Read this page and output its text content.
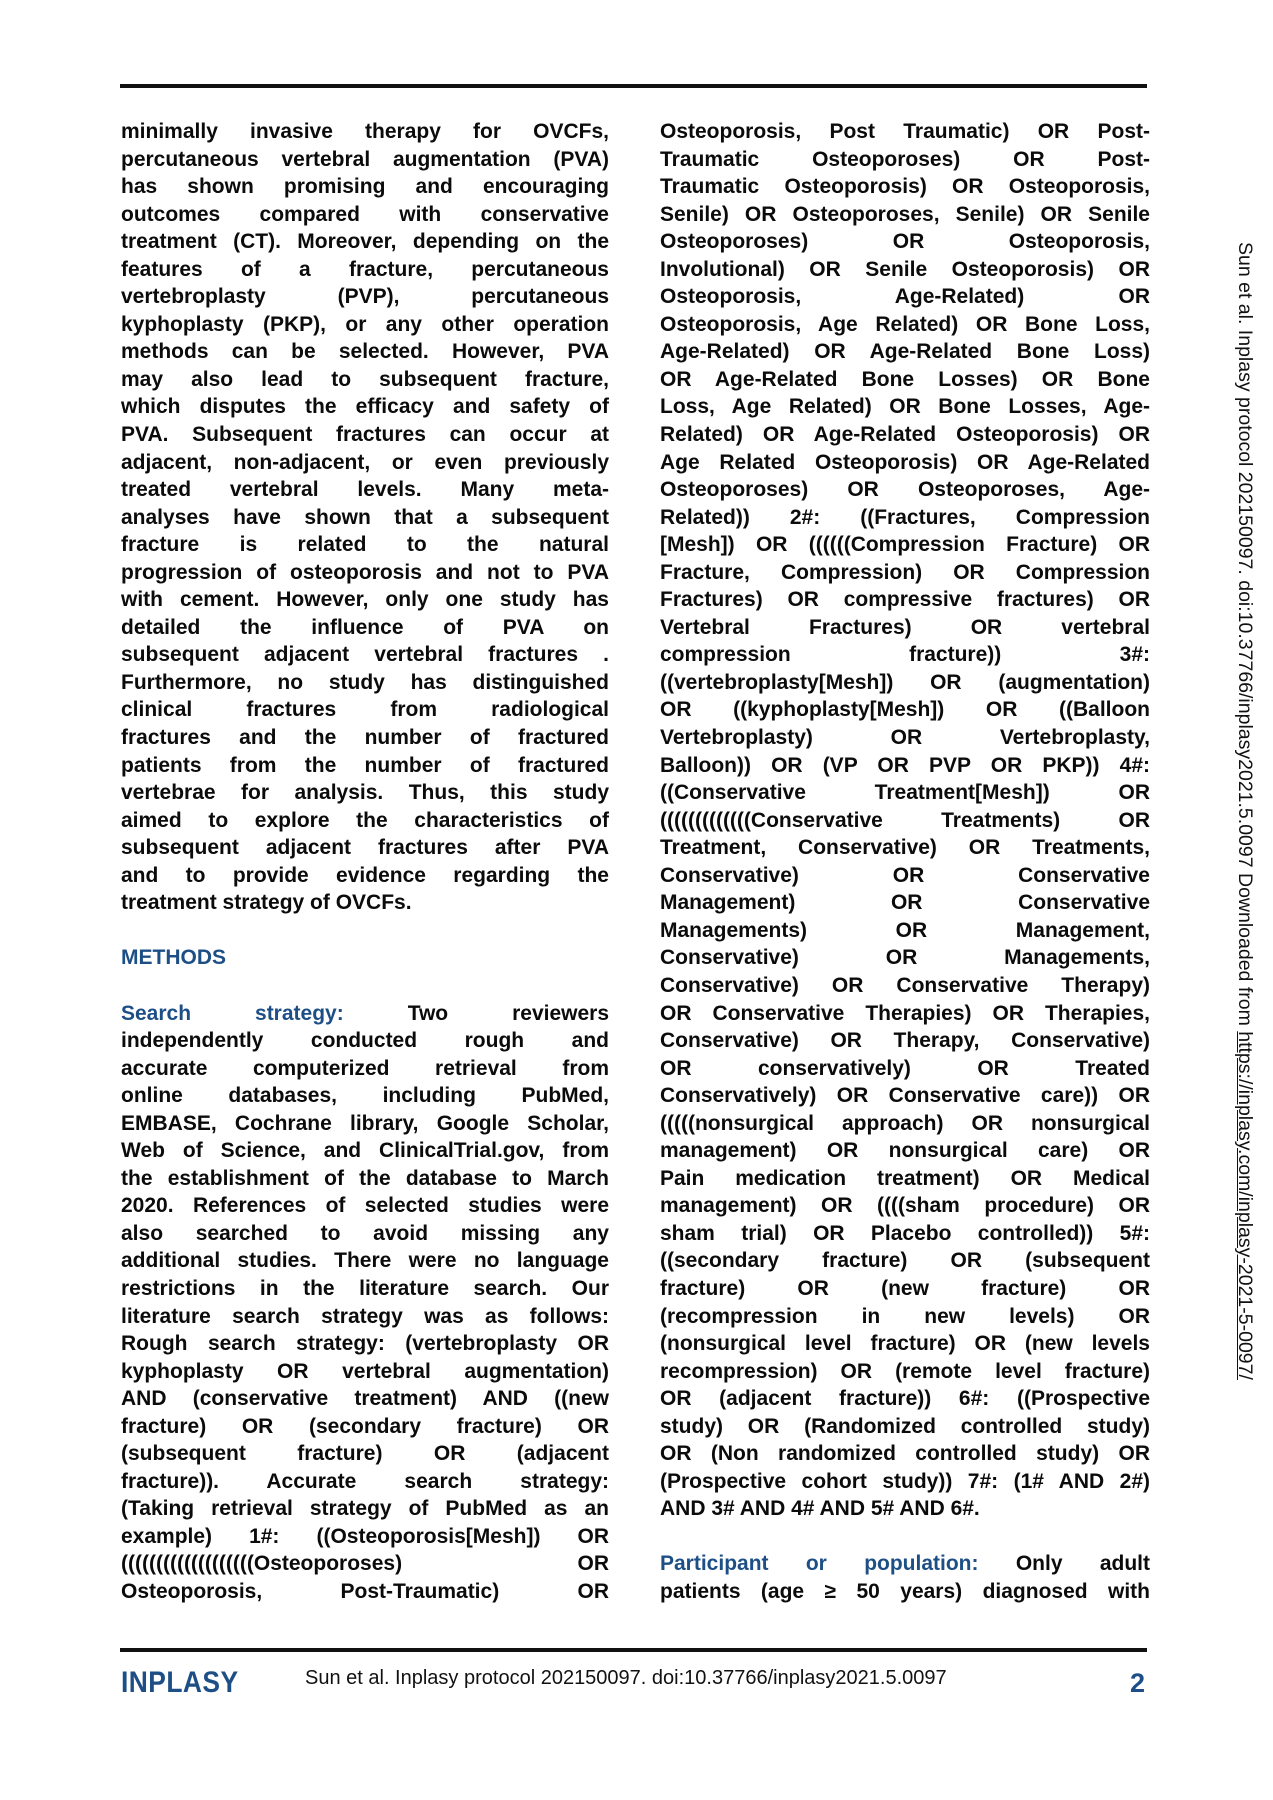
minimally invasive therapy for OVCFs,
percutaneous vertebral augmentation (PVA)
has shown promising and encouraging
outcomes compared with conservative
treatment (CT). Moreover, depending on the
features of a fracture, percutaneous
vertebroplasty (PVP), percutaneous
kyphoplasty (PKP), or any other operation
methods can be selected. However, PVA
may also lead to subsequent fracture,
which disputes the efficacy and safety of
PVA. Subsequent fractures can occur at
adjacent, non-adjacent, or even previously
treated vertebral levels. Many meta-
analyses have shown that a subsequent
fracture is related to the natural
progression of osteoporosis and not to PVA
with cement. However, only one study has
detailed the influence of PVA on
subsequent adjacent vertebral fractures .
Furthermore, no study has distinguished
clinical fractures from radiological
fractures and the number of fractured
patients from the number of fractured
vertebrae for analysis. Thus, this study
aimed to explore the characteristics of
subsequent adjacent fractures after PVA
and to provide evidence regarding the
treatment strategy of OVCFs.
METHODS
Search strategy: Two reviewers
independently conducted rough and
accurate computerized retrieval from
online databases, including PubMed,
EMBASE, Cochrane library, Google Scholar,
Web of Science, and ClinicalTrial.gov, from
the establishment of the database to March
2020. References of selected studies were
also searched to avoid missing any
additional studies. There were no language
restrictions in the literature search. Our
literature search strategy was as follows:
Rough search strategy: (vertebroplasty OR
kyphoplasty OR vertebral augmentation)
AND (conservative treatment) AND ((new
fracture) OR (secondary fracture) OR
(subsequent fracture) OR (adjacent
fracture)). Accurate search strategy:
(Taking retrieval strategy of PubMed as an
example) 1#: ((Osteoporosis[Mesh]) OR
(((((((((((((((((((Osteoporoses) OR
Osteoporosis, Post-Traumatic) OR
Osteoporosis, Post Traumatic) OR Post-
Traumatic Osteoporoses) OR Post-
Traumatic Osteoporosis) OR Osteoporosis,
Senile) OR Osteoporoses, Senile) OR Senile
Osteoporoses) OR Osteoporosis,
Involutional) OR Senile Osteoporosis) OR
Osteoporosis, Age-Related) OR
Osteoporosis, Age Related) OR Bone Loss,
Age-Related) OR Age-Related Bone Loss)
OR Age-Related Bone Losses) OR Bone
Loss, Age Related) OR Bone Losses, Age-
Related) OR Age-Related Osteoporosis) OR
Age Related Osteoporosis) OR Age-Related
Osteoporoses) OR Osteoporoses, Age-
Related)) 2#: ((Fractures, Compression
[Mesh]) OR ((((((Compression Fracture) OR
Fracture, Compression) OR Compression
Fractures) OR compressive fractures) OR
Vertebral Fractures) OR vertebral
compression fracture)) 3#:
((vertebroplasty[Mesh]) OR (augmentation)
OR ((kyphoplasty[Mesh]) OR ((Balloon
Vertebroplasty) OR Vertebroplasty,
Balloon)) OR (VP OR PVP OR PKP)) 4#:
((Conservative Treatment[Mesh]) OR
(((((((((((((Conservative Treatments) OR
Treatment, Conservative) OR Treatments,
Conservative) OR Conservative
Management) OR Conservative
Managements) OR Management,
Conservative) OR Managements,
Conservative) OR Conservative Therapy)
OR Conservative Therapies) OR Therapies,
Conservative) OR Therapy, Conservative)
OR conservatively) OR Treated
Conservatively) OR Conservative care)) OR
(((((nonsurgical approach) OR nonsurgical
management) OR nonsurgical care) OR
Pain medication treatment) OR Medical
management) OR ((((sham procedure) OR
sham trial) OR Placebo controlled)) 5#:
((secondary fracture) OR (subsequent
fracture) OR (new fracture) OR
(recompression in new levels) OR
(nonsurgical level fracture) OR (new levels
recompression) OR (remote level fracture)
OR (adjacent fracture)) 6#: ((Prospective
study) OR (Randomized controlled study)
OR (Non randomized controlled study) OR
(Prospective cohort study)) 7#: (1# AND 2#)
AND 3# AND 4# AND 5# AND 6#.
Participant or population: Only adult
patients (age ≥ 50 years) diagnosed with
Sun et al. Inplasy protocol 202150097. doi:10.37766/inplasy2021.5.0097 Downloaded from https://inplasy.com/inplasy-2021-5-0097/
INPLASY	Sun et al. Inplasy protocol 202150097. doi:10.37766/inplasy2021.5.0097	2
